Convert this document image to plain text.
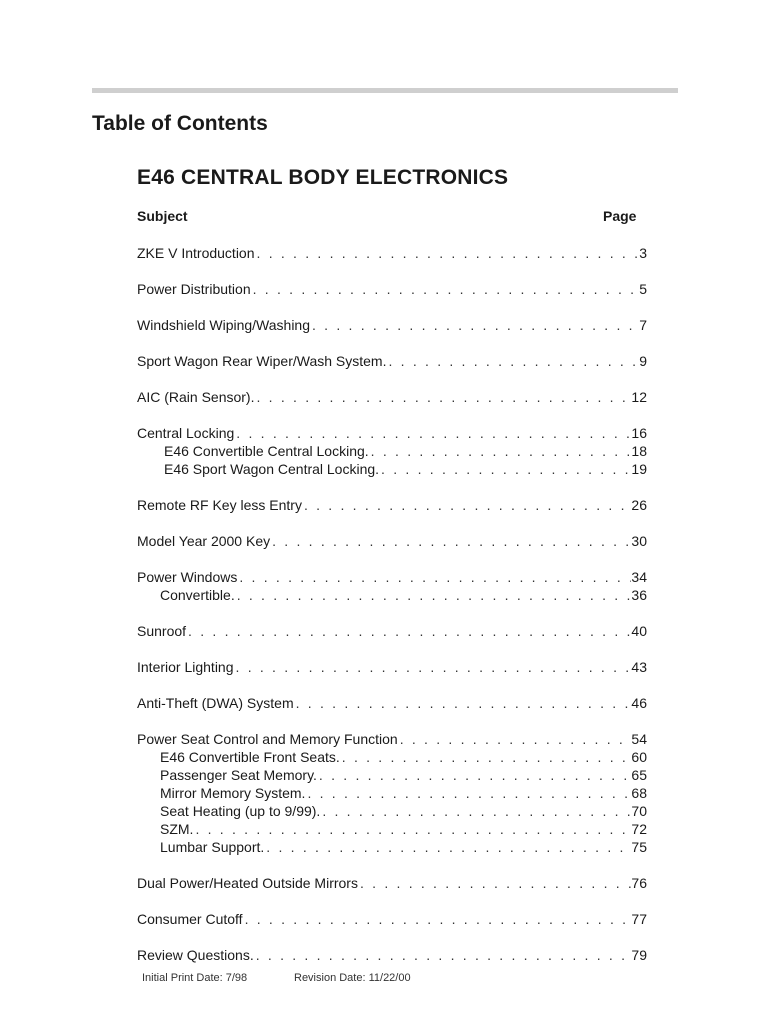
Table of Contents
E46 CENTRAL BODY ELECTRONICS
Subject	Page
ZKE V Introduction . . .	3
Power Distribution . . .	5
Windshield Wiping/Washing . . .	7
Sport Wagon Rear Wiper/Wash System. . . .	9
AIC (Rain Sensor). . . .	12
Central Locking . . .	16
E46 Convertible Central Locking. . . .	18
E46 Sport Wagon Central Locking. . . .	19
Remote RF Key less Entry . . .	26
Model Year 2000 Key . . .	30
Power Windows . . .	34
Convertible. . . .	36
Sunroof . . .	40
Interior Lighting . . .	43
Anti-Theft (DWA) System . . .	46
Power Seat Control and Memory Function . . .	54
E46 Convertible Front Seats. . . .	60
Passenger Seat Memory. . . .	65
Mirror Memory System. . . .	68
Seat Heating (up to 9/99). . . .	70
SZM. . . .	72
Lumbar Support. . . .	75
Dual Power/Heated Outside Mirrors . . .	76
Consumer Cutoff . . .	77
Review Questions. . . .	79
Initial Print Date: 7/98	Revision Date: 11/22/00
